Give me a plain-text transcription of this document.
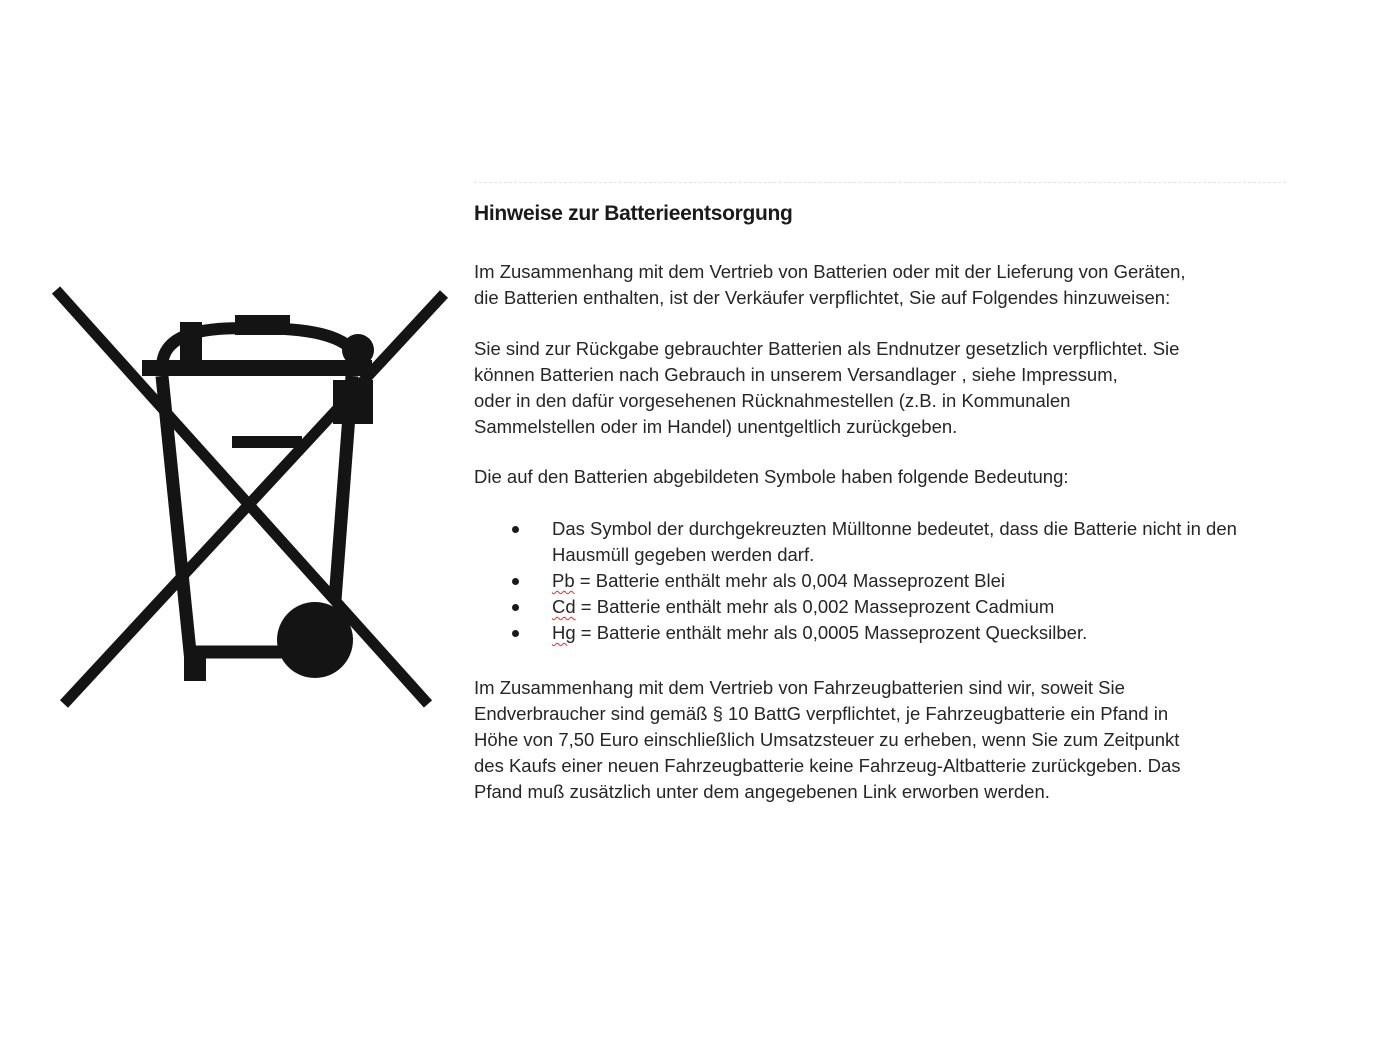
Hinweise zur Batterieentsorgung

Im Zusammenhang mit dem Vertrieb von Batterien oder mit der Lieferung von Geräten,
die Batterien enthalten, ist der Verkäufer verpflichtet, Sie auf Folgendes hinzuweisen:

Sie sind zur Rückgabe gebrauchter Batterien als Endnutzer gesetzlich verpflichtet. Sie
können Batterien nach Gebrauch in unserem Versandlager , siehe Impressum,
oder in den dafür vorgesehenen Rücknahmestellen (z.B. in Kommunalen
Sammelstellen oder im Handel) unentgeltlich zurückgeben.

Die auf den Batterien abgebildeten Symbole haben folgende Bedeutung:

Das Symbol der durchgekreuzten Mülltonne bedeutet, dass die Batterie nicht in den
Hausmüll gegeben werden darf.
Pb = Batterie enthält mehr als 0,004 Masseprozent Blei
Cd = Batterie enthält mehr als 0,002 Masseprozent Cadmium
Hg = Batterie enthält mehr als 0,0005 Masseprozent Quecksilber.

Im Zusammenhang mit dem Vertrieb von Fahrzeugbatterien sind wir, soweit Sie
Endverbraucher sind gemäß § 10 BattG verpflichtet, je Fahrzeugbatterie ein Pfand in
Höhe von 7,50 Euro einschließlich Umsatzsteuer zu erheben, wenn Sie zum Zeitpunkt
des Kaufs einer neuen Fahrzeugbatterie keine Fahrzeug-Altbatterie zurückgeben. Das
Pfand muß zusätzlich unter dem angegebenen Link erworben werden.
